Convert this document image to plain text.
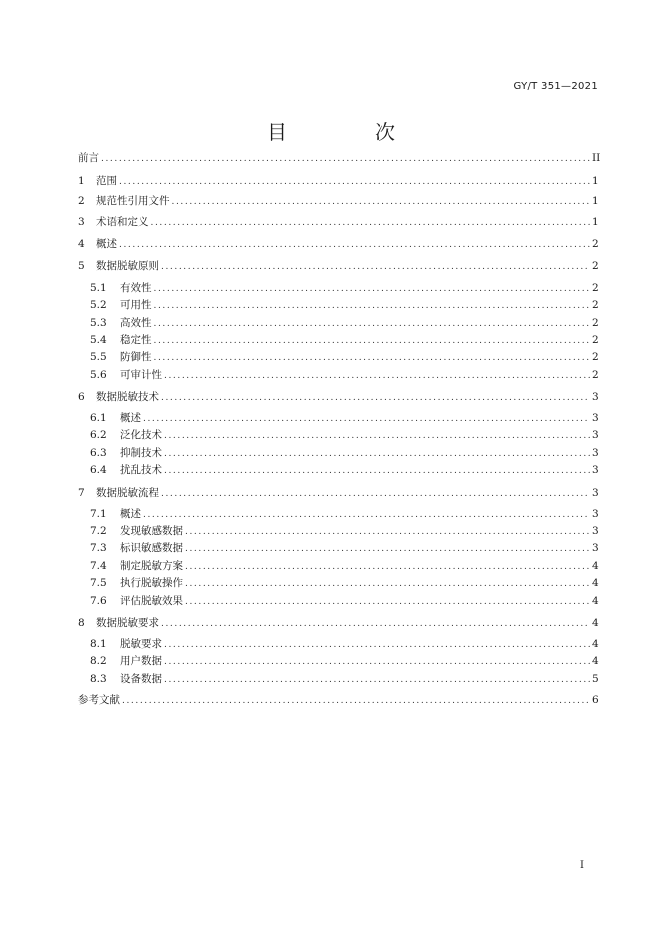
GY/T 351—2021
目　次
前言 .....	II
1	范围 .....	1
2	规范性引用文件 .....	1
3	术语和定义 .....	1
4	概述 .....	2
5	数据脱敏原则 .....	2
5.1	有效性 .....	2
5.2	可用性 .....	2
5.3	高效性 .....	2
5.4	稳定性 .....	2
5.5	防御性 .....	2
5.6	可审计性 .....	2
6	数据脱敏技术 .....	3
6.1	概述 .....	3
6.2	泛化技术 .....	3
6.3	抑制技术 .....	3
6.4	扰乱技术 .....	3
7	数据脱敏流程 .....	3
7.1	概述 .....	3
7.2	发现敏感数据 .....	3
7.3	标识敏感数据 .....	3
7.4	制定脱敏方案 .....	4
7.5	执行脱敏操作 .....	4
7.6	评估脱敏效果 .....	4
8	数据脱敏要求 .....	4
8.1	脱敏要求 .....	4
8.2	用户数据 .....	4
8.3	设备数据 .....	5
参考文献 .....	6
I
